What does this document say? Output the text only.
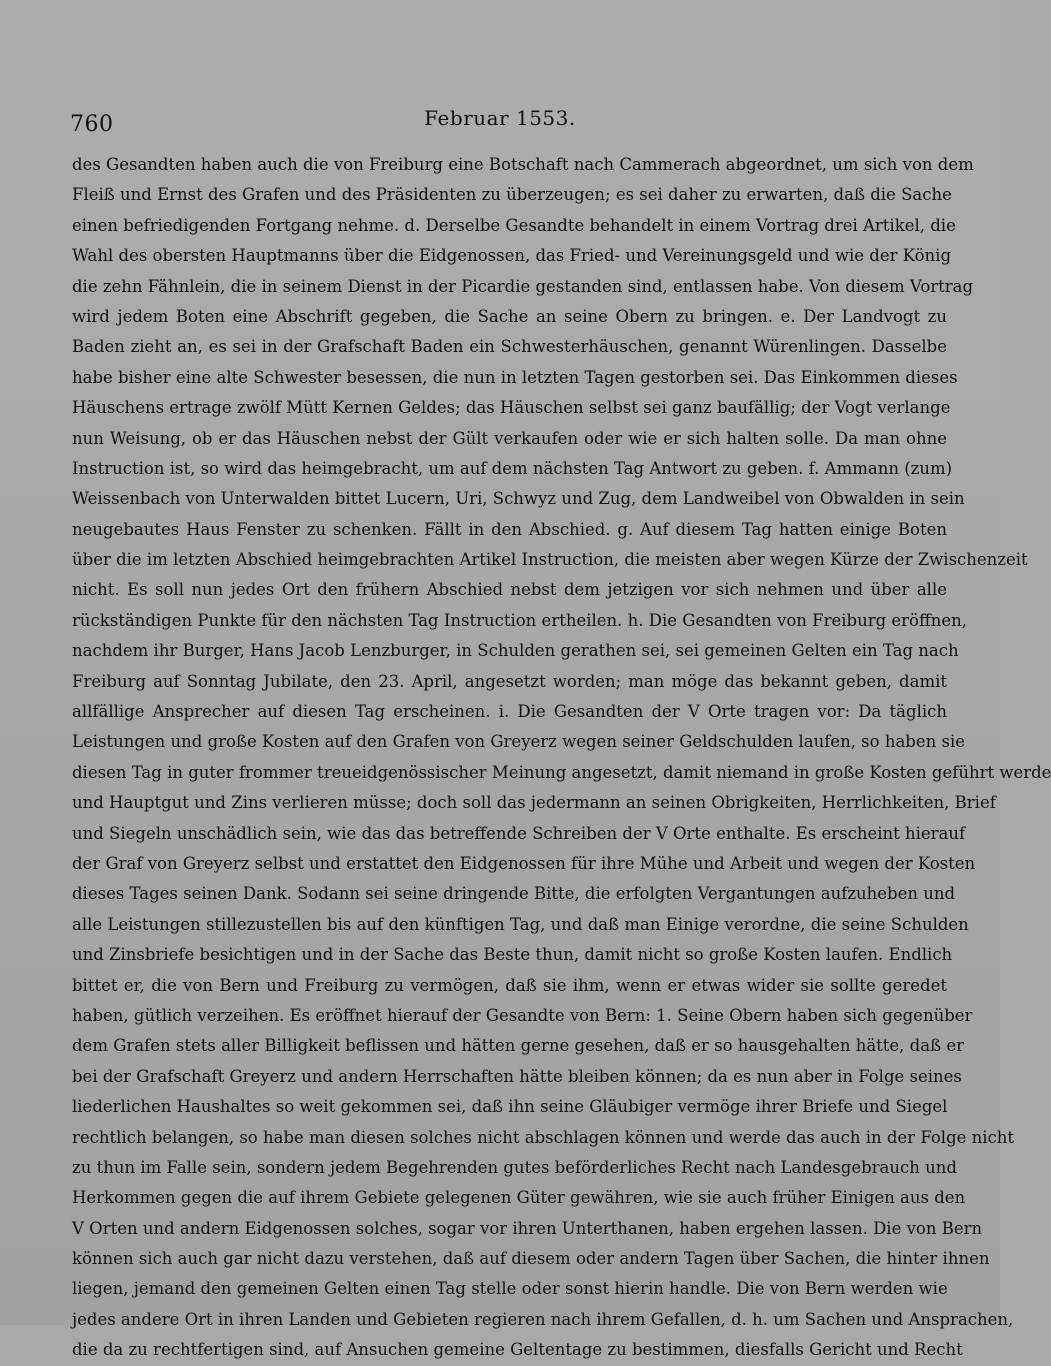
760	Februar 1553.
des Gesandten haben auch die von Freiburg eine Botschaft nach Cammerach abgeordnet, um sich von dem
Fleiß und Ernst des Grafen und des Präsidenten zu überzeugen; es sei daher zu erwarten, daß die Sache
einen befriedigenden Fortgang nehme. d. Derselbe Gesandte behandelt in einem Vortrag drei Artikel, die
Wahl des obersten Hauptmanns über die Eidgenossen, das Fried- und Vereinungsgeld und wie der König
die zehn Fähnlein, die in seinem Dienst in der Picardie gestanden sind, entlassen habe. Von diesem Vortrag
wird jedem Boten eine Abschrift gegeben, die Sache an seine Obern zu bringen. e. Der Landvogt zu
Baden zieht an, es sei in der Grafschaft Baden ein Schwesterhäuschen, genannt Würenlingen. Dasselbe
habe bisher eine alte Schwester besessen, die nun in letzten Tagen gestorben sei. Das Einkommen dieses
Häuschens ertrage zwölf Mütt Kernen Geldes; das Häuschen selbst sei ganz baufällig; der Vogt verlange
nun Weisung, ob er das Häuschen nebst der Gült verkaufen oder wie er sich halten solle. Da man ohne
Instruction ist, so wird das heimgebracht, um auf dem nächsten Tag Antwort zu geben. f. Ammann (zum)
Weissenbach von Unterwalden bittet Lucern, Uri, Schwyz und Zug, dem Landweibel von Obwalden in sein
neugebautes Haus Fenster zu schenken. Fällt in den Abschied. g. Auf diesem Tag hatten einige Boten
über die im letzten Abschied heimgebrachten Artikel Instruction, die meisten aber wegen Kürze der Zwischenzeit
nicht. Es soll nun jedes Ort den frühern Abschied nebst dem jetzigen vor sich nehmen und über alle
rückständigen Punkte für den nächsten Tag Instruction ertheilen. h. Die Gesandten von Freiburg eröffnen,
nachdem ihr Burger, Hans Jacob Lenzburger, in Schulden gerathen sei, sei gemeinen Gelten ein Tag nach
Freiburg auf Sonntag Jubilate, den 23. April, angesetzt worden; man möge das bekannt geben, damit
allfällige Ansprecher auf diesen Tag erscheinen. i. Die Gesandten der V Orte tragen vor: Da täglich
Leistungen und große Kosten auf den Grafen von Greyerz wegen seiner Geldschulden laufen, so haben sie
diesen Tag in guter frommer treueidgenössischer Meinung angesetzt, damit niemand in große Kosten geführt werde
und Hauptgut und Zins verlieren müsse; doch soll das jedermann an seinen Obrigkeiten, Herrlichkeiten, Brief
und Siegeln unschädlich sein, wie das das betreffende Schreiben der V Orte enthalte. Es erscheint hierauf
der Graf von Greyerz selbst und erstattet den Eidgenossen für ihre Mühe und Arbeit und wegen der Kosten
dieses Tages seinen Dank. Sodann sei seine dringende Bitte, die erfolgten Vergantungen aufzuheben und
alle Leistungen stillezustellen bis auf den künftigen Tag, und daß man Einige verordne, die seine Schulden
und Zinsbriefe besichtigen und in der Sache das Beste thun, damit nicht so große Kosten laufen. Endlich
bittet er, die von Bern und Freiburg zu vermögen, daß sie ihm, wenn er etwas wider sie sollte geredet
haben, gütlich verzeihen. Es eröffnet hierauf der Gesandte von Bern: 1. Seine Obern haben sich gegenüber
dem Grafen stets aller Billigkeit beflissen und hätten gerne gesehen, daß er so hausgehalten hätte, daß er
bei der Grafschaft Greyerz und andern Herrschaften hätte bleiben können; da es nun aber in Folge seines
liederlichen Haushaltes so weit gekommen sei, daß ihn seine Gläubiger vermöge ihrer Briefe und Siegel
rechtlich belangen, so habe man diesen solches nicht abschlagen können und werde das auch in der Folge nicht
zu thun im Falle sein, sondern jedem Begehrenden gutes beförderliches Recht nach Landesgebrauch und
Herkommen gegen die auf ihrem Gebiete gelegenen Güter gewähren, wie sie auch früher Einigen aus den
V Orten und andern Eidgenossen solches, sogar vor ihren Unterthanen, haben ergehen lassen. Die von Bern
können sich auch gar nicht dazu verstehen, daß auf diesem oder andern Tagen über Sachen, die hinter ihnen
liegen, jemand den gemeinen Gelten einen Tag stelle oder sonst hierin handle. Die von Bern werden wie
jedes andere Ort in ihren Landen und Gebieten regieren nach ihrem Gefallen, d. h. um Sachen und Ansprachen,
die da zu rechtfertigen sind, auf Ansuchen gemeine Geltentage zu bestimmen, diesfalls Gericht und Recht
